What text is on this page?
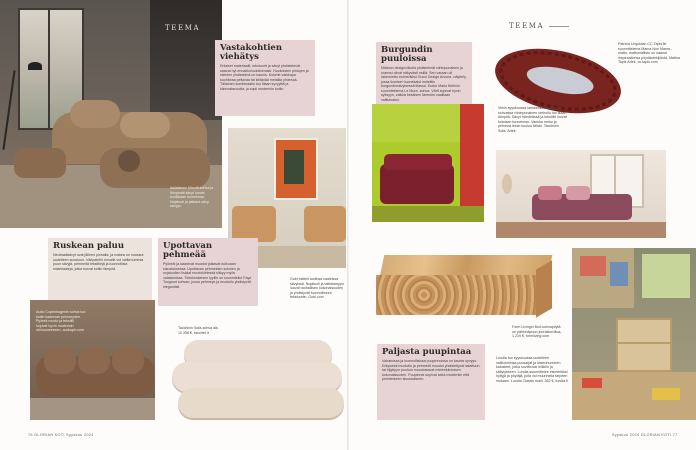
Italialaisen Minotti-sohva ja lämpimät sävyt luovat kodikkaan tunnelman. Nojatuoli ja jakkara sävy sävyyn.
TEEMA
Vastakohtien viehätys

Erilaiset materiaalit, tekstuurit ja sävyt yhdistelevät saavat nyt ennakkoluulottomasti. Huokoisten pintojen ja sileiden yhdistelmä on kaunis. Kokeile vaikkapa kuohkeaa pellavaa tai kiiltävää metallia yhdessä. Tällainen kombinaatio tuo tilaan syvyyttä ja kiinnostavuutta, ja sopii moderniin kotiin.

Gubi esitteli tuolinsa vaaleissa sävyissä. Nojatuoli ja lattialamppu luovat rauhallisen kokonaisuuden ja yhdistyvät luonnolliseen tekstuuriin. Gubi.com
Ruskean paluu

Neutraalisävyt ovat jälleen pinnalla, ja ruskea on noussut uudelleen suosioon. Väripaletin rinnalle voi valita tummia puun sävyjä, pehmeitä tekstiilejä ja luonnollisia materiaaleja, jotka tuovat kotiin lämpöä.

Audo Copenhagenin sohva tuo kotiin kaarevan pehmeyden. Pyöreä muoto ja tekstiili sopivat hyvin moderniin olohuoneeseen. audocph.com
Upottavan pehmeää

Pyöreät ja kaarevat muodot jatkavat kulkuaan sisustuksessa. Upottavan pehmeiden sohvien ja nojatuolien lisäksi muotokielessä näkyy myös valaisimissa. Tietokeskeisen tyyliin on suunnitellut Faye Toogood sohvan, jossa pehmeys ja muotoilu yhdistyvät elegantisti.

Tacchinin Sofa-sohva alk. 10 356 €, tacchini.it
76 GLORIAN KOTI Syyskuu 2024
TEEMA
Burgundin puuloissa

Milanon designviikolla yhdistelmät viininpunainen ja oranssi olivat näkyvästi esillä. Sen varaan oli rakennettu esimerkiksi Gucci Design Ancora -näyttely, jossa ikoniset huonekalut esiteltiin burgundinsävyisessä tilassa. Kuten Mario Bellinin suunnittelema Le Mura -sohva. Värit sopivat hyvin syksyyn, vaikka kesäisen lämmön vaalitaan valittavaksi.

Patricia Urquiolan CC-Tapis'lle suunnittelema Mama Non Mama -matto, mattomallisto on saanut inspiraationsa pöydäntekijöistä. Mattoa Tapis Artek, cc-tapis.com
Viinin syyskuussa lanseeratussa Aragon-sohvassa viininpunainen verhoilu tuo tilaan lämpöä. Sävyt hämärässä ja tekstiilit luovat kotoisan tunnelman. Vankka runko ja pehmeä istuin kuuluu tähän. Tacchinin Sofa, Artek.
Form Livingin Burl-sohvapöytä on pähkinäpuun juurakkoviilua, 1 219 €, formliving.com
Paljasta puupintaa

Vahatuissa ja luonnollisissa puupinnoissa on kaunis syvyys. Erityisesti muotoilu ja pehmeät muodot yhdistettynä lakattuun tai öljyttyyn puuhun muodostavat mielenkiintoisen kokonaisuuden. Puupinnat sopivat sekä moderniin että perinteiseen sisustukseen.

Lundia tuo syyskuussa uudelleen valikoimiinsa puusarjat ja lastenhuoneen kalusteet, jotka soveltuvat leikkiin ja säilytykseen. Lundia suunnittelee esimerkiksi hyllyjä ja pöytäjä, joita voi muunnella tarpeen mukaan. Lundia Classic malli, 282 €, lundia.fi
Syyskuu 2024 GLORIAN KOTI 77
